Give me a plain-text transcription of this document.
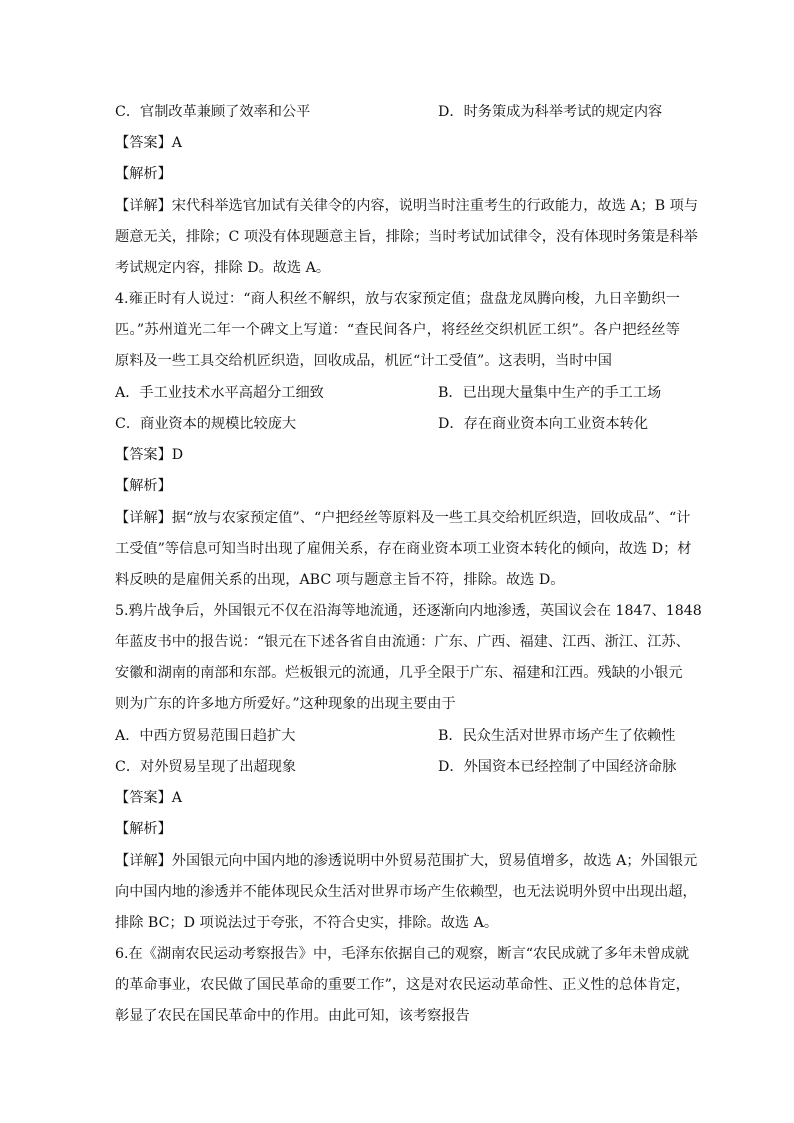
C．官制改革兼顾了效率和公平	D．时务策成为科举考试的规定内容
【答案】A
【解析】
【详解】宋代科举选官加试有关律令的内容，说明当时注重考生的行政能力，故选 A；B 项与
题意无关，排除；C 项没有体现题意主旨，排除；当时考试加试律令，没有体现时务策是科举
考试规定内容，排除 D。故选 A。
4.雍正时有人说过：“商人积丝不解织，放与农家预定值；盘盘龙凤腾向梭，九日辛勤织一
匹。”苏州道光二年一个碑文上写道：“查民间各户，将经丝交织机匠工织”。各户把经丝等
原料及一些工具交给机匠织造，回收成品，机匠“计工受值”。这表明，当时中国
A．手工业技术水平高超分工细致	B．已出现大量集中生产的手工工场
C．商业资本的规模比较庞大	D．存在商业资本向工业资本转化
【答案】D
【解析】
【详解】据“放与农家预定值”、“户把经丝等原料及一些工具交给机匠织造，回收成品”、“计
工受值”等信息可知当时出现了雇佣关系，存在商业资本项工业资本转化的倾向，故选 D；材
料反映的是雇佣关系的出现，ABC 项与题意主旨不符，排除。故选 D。
5.鸦片战争后，外国银元不仅在沿海等地流通，还逐渐向内地渗透，英国议会在 1847、1848
年蓝皮书中的报告说：“银元在下述各省自由流通：广东、广西、福建、江西、浙江、江苏、
安徽和湖南的南部和东部。烂板银元的流通，几乎全限于广东、福建和江西。残缺的小银元
则为广东的许多地方所爱好。”这种现象的出现主要由于
A．中西方贸易范围日趋扩大	B．民众生活对世界市场产生了依赖性
C．对外贸易呈现了出超现象	D．外国资本已经控制了中国经济命脉
【答案】A
【解析】
【详解】外国银元向中国内地的渗透说明中外贸易范围扩大，贸易值增多，故选 A；外国银元
向中国内地的渗透并不能体现民众生活对世界市场产生依赖型，也无法说明外贸中出现出超，
排除 BC；D 项说法过于夸张，不符合史实，排除。故选 A。
6.在《湖南农民运动考察报告》中，毛泽东依据自己的观察，断言“农民成就了多年未曾成就
的革命事业，农民做了国民革命的重要工作”，这是对农民运动革命性、正义性的总体肯定，
彰显了农民在国民革命中的作用。由此可知，该考察报告
